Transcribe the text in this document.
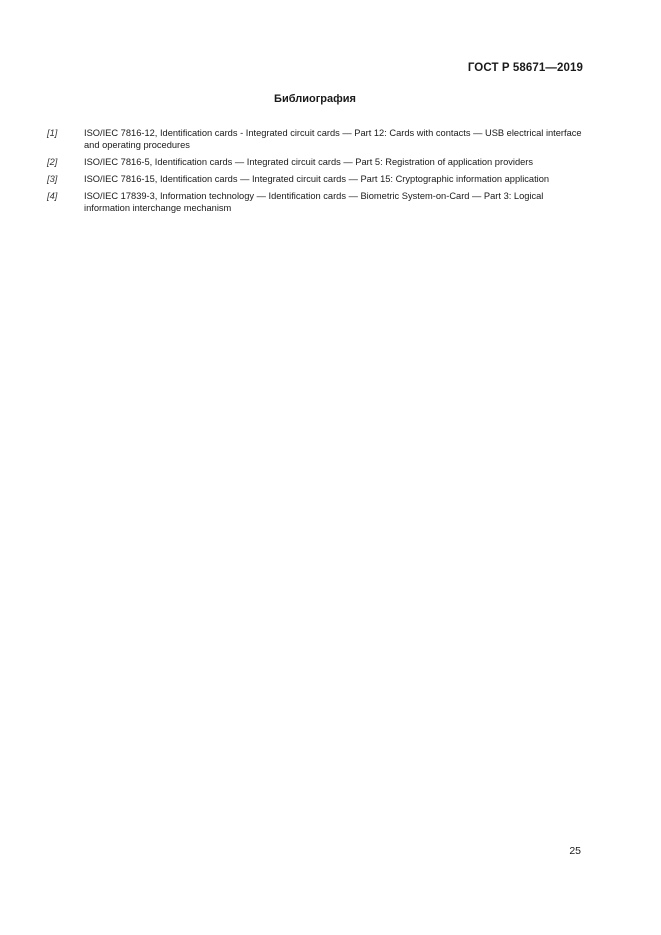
ГОСТ Р 58671—2019
Библиография
[1]	ISO/IEC 7816-12, Identification cards - Integrated circuit cards — Part 12: Cards with contacts — USB electrical interface and operating procedures
[2]	ISO/IEC 7816-5, Identification cards — Integrated circuit cards — Part 5: Registration of application providers
[3]	ISO/IEC 7816-15, Identification cards — Integrated circuit cards — Part 15: Cryptographic information application
[4]	ISO/IEC 17839-3, Information technology — Identification cards — Biometric System-on-Card — Part 3: Logical information interchange mechanism
25
